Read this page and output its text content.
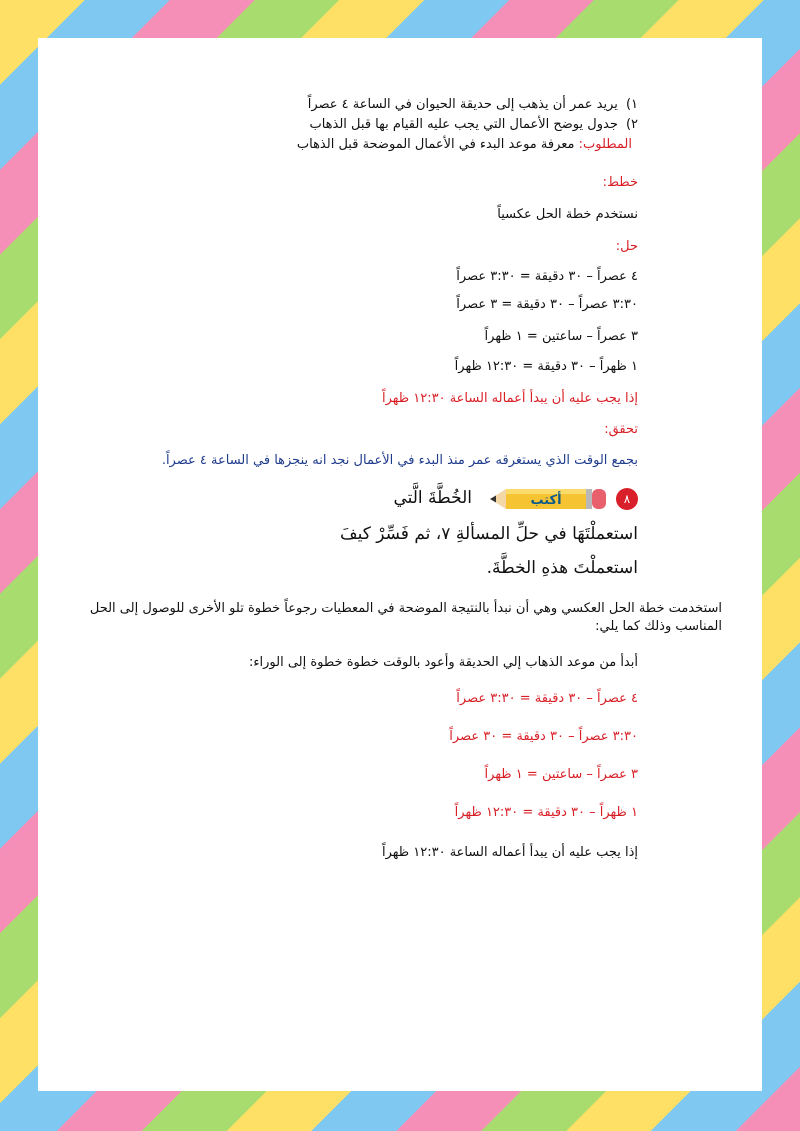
١) يريد عمر أن يذهب إلى حديقة الحيوان في الساعة ٤ عصراً
٢) جدول يوضح الأعمال التي يجب عليه القيام بها قبل الذهاب
المطلوب: معرفة موعد البدء في الأعمال الموضحة قبل الذهاب
خطط:
نستخدم خطة الحل عكسياً
حل:
٤ عصراً – ٣٠ دقيقة = ٣:٣٠ عصراً
٣:٣٠ عصراً – ٣٠ دقيقة = ٣ عصراً
٣ عصراً – ساعتين = ١ ظهراً
١ ظهراً – ٣٠ دقيقة = ١٢:٣٠ ظهراً
إذا يجب عليه أن يبدأ أعماله الساعة ١٢:٣٠ ظهراً
تحقق:
بجمع الوقت الذي يستغرقه عمر منذ البدء في الأعمال نجد انه ينجزها في الساعة ٤ عصراً.
٨
أكتب
الخُطَّةَ الَّتي
استعملْتَهَا في حلِّ المسألةِ ٧، ثم فَسِّرْ كيفَ
استعملْتَ هذهِ الخطَّةَ.
استخدمت خطة الحل العكسي وهي أن نبدأ بالنتيجة الموضحة في المعطيات رجوعاً خطوة تلو الأخرى للوصول إلى الحل المناسب وذلك كما يلي:
أبدأ من موعد الذهاب إلي الحديقة وأعود بالوقت خطوة خطوة إلى الوراء:
٤ عصراً – ٣٠ دقيقة = ٣:٣٠ عصراً
٣:٣٠ عصراً – ٣٠ دقيقة = ٣٠ عصراً
٣ عصراً – ساعتين = ١ ظهراً
١ ظهراً – ٣٠ دقيقة = ١٢:٣٠ ظهراً
إذا يجب عليه أن يبدأ أعماله الساعة ١٢:٣٠ ظهراً
